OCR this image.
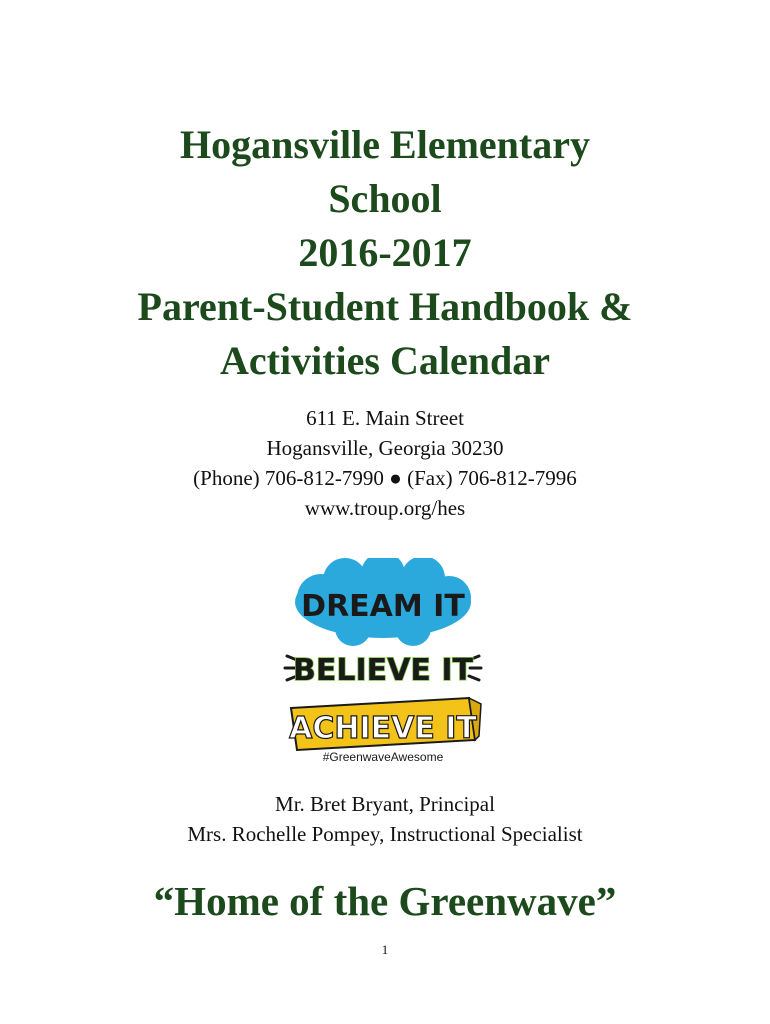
Hogansville Elementary
School
2016-2017
Parent-Student Handbook &
Activities Calendar
611 E. Main Street
Hogansville, Georgia 30230
(Phone) 706-812-7990 ● (Fax) 706-812-7996
www.troup.org/hes
DREAM IT
BELIEVE IT
ACHIEVE IT
#GreenwaveAwesome
Mr. Bret Bryant, Principal
Mrs. Rochelle Pompey, Instructional Specialist
“Home of the Greenwave”
1
